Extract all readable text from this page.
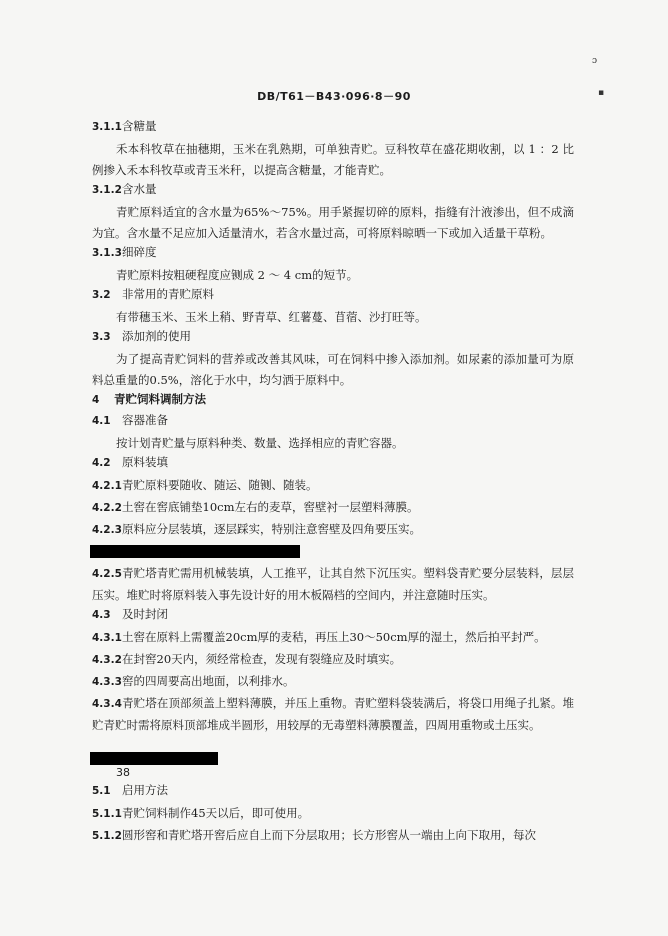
ɔ
▪
DB/T61－B43·096·8－90
3.1.1含糖量
禾本科牧草在抽穗期，玉米在乳熟期，可单独青贮。豆科牧草在盛花期收割，以 1 ：2 比例掺入禾本科牧草或青玉米秆，以提高含糖量，才能青贮。
3.1.2含水量
青贮原料适宜的含水量为65%～75%。用手紧握切碎的原料，指缝有汁液渗出，但不成滴为宜。含水量不足应加入适量清水，若含水量过高，可将原料晾晒一下或加入适量干草粉。
3.1.3细碎度
青贮原料按粗硬程度应铡成 2 ～ 4 cm的短节。
3.2 非常用的青贮原料
有带穗玉米、玉米上稍、野青草、红薯蔓、苜蓿、沙打旺等。
3.3 添加剂的使用
为了提高青贮饲料的营养或改善其风味，可在饲料中掺入添加剂。如尿素的添加量可为原料总重量的0.5%，溶化于水中，均匀洒于原料中。
4 青贮饲料调制方法
4.1 容器准备
按计划青贮量与原料种类、数量、选择相应的青贮容器。
4.2 原料装填
4.2.1青贮原料要随收、随运、随铡、随装。
4.2.2土窖在窖底铺垫10cm左右的麦草，窖壁衬一层塑料薄膜。
4.2.3原料应分层装填，逐层踩实，特别注意窖壁及四角要压实。
4.2.5青贮塔青贮需用机械装填，人工推平，让其自然下沉压实。塑料袋青贮要分层装料，层层压实。堆贮时将原料装入事先设计好的用木板隔档的空间内，并注意随时压实。
4.3 及时封闭
4.3.1土窖在原料上需覆盖20cm厚的麦秸，再压上30～50cm厚的湿土，然后拍平封严。
4.3.2在封窖20天内，须经常检查，发现有裂缝应及时填实。
4.3.3窖的四周要高出地面，以利排水。
4.3.4青贮塔在顶部须盖上塑料薄膜，并压上重物。青贮塑料袋装满后，将袋口用绳子扎紧。堆贮青贮时需将原料顶部堆成半圆形，用较厚的无毒塑料薄膜覆盖，四周用重物或土压实。
5.1 启用方法
5.1.1青贮饲料制作45天以后，即可使用。
5.1.2圆形窖和青贮塔开窖后应自上而下分层取用；长方形窖从一端由上向下取用，每次
38
